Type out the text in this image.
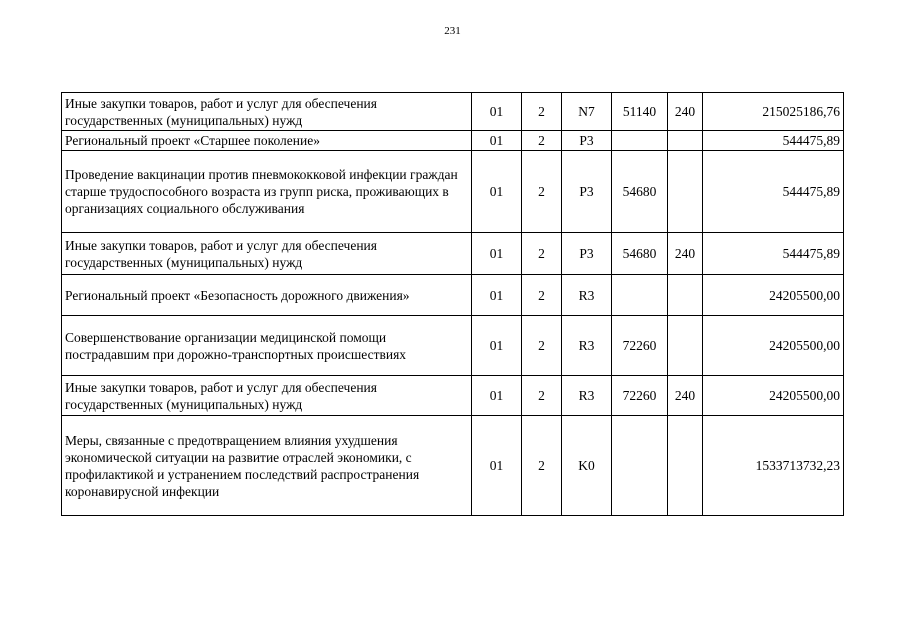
231
Иные закупки товаров, работ и услуг для обеспечения государственных (муниципальных) нужд	01	2	N7	51140	240	215025186,76
Региональный проект «Старшее поколение»	01	2	P3			544475,89
Проведение вакцинации против пневмококковой инфекции граждан старше трудоспособного возраста из групп риска, проживающих в организациях социального обслуживания	01	2	P3	54680		544475,89
Иные закупки товаров, работ и услуг для обеспечения государственных (муниципальных) нужд	01	2	P3	54680	240	544475,89
Региональный проект «Безопасность дорожного движения»	01	2	R3			24205500,00
Совершенствование организации медицинской помощи пострадавшим при дорожно-транспортных происшествиях	01	2	R3	72260		24205500,00
Иные закупки товаров, работ и услуг для обеспечения государственных (муниципальных) нужд	01	2	R3	72260	240	24205500,00
Меры, связанные с предотвращением влияния ухудшения экономической ситуации на развитие отраслей экономики, с профилактикой и устранением последствий распространения коронавирусной инфекции	01	2	K0			1533713732,23
